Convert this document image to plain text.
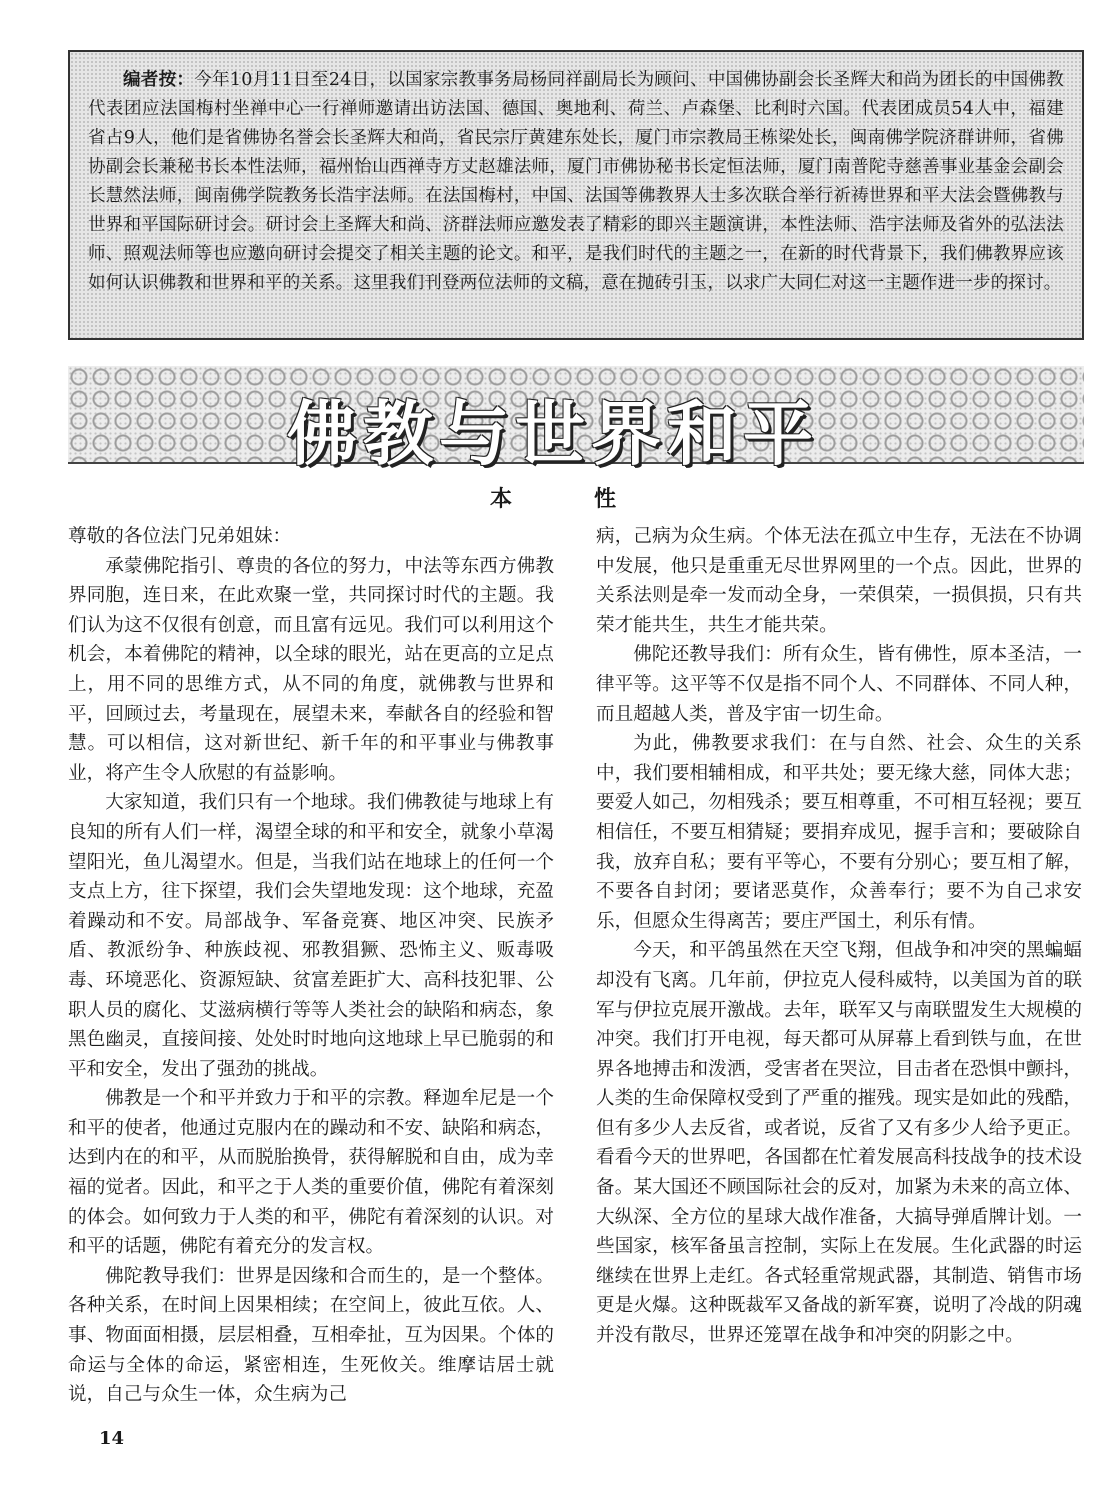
编者按：今年10月11日至24日，以国家宗教事务局杨同祥副局长为顾问、中国佛协副会长圣辉大和尚为团长的中国佛教代表团应法国梅村坐禅中心一行禅师邀请出访法国、德国、奥地利、荷兰、卢森堡、比利时六国。代表团成员54人中，福建省占9人，他们是省佛协名誉会长圣辉大和尚，省民宗厅黄建东处长，厦门市宗教局王栋梁处长，闽南佛学院济群讲师，省佛协副会长兼秘书长本性法师，福州怡山西禅寺方丈赵雄法师，厦门市佛协秘书长定恒法师，厦门南普陀寺慈善事业基金会副会长慧然法师，闽南佛学院教务长浩宇法师。在法国梅村，中国、法国等佛教界人士多次联合举行祈祷世界和平大法会暨佛教与世界和平国际研讨会。研讨会上圣辉大和尚、济群法师应邀发表了精彩的即兴主题演讲，本性法师、浩宇法师及省外的弘法法师、照观法师等也应邀向研讨会提交了相关主题的论文。和平，是我们时代的主题之一，在新的时代背景下，我们佛教界应该如何认识佛教和世界和平的关系。这里我们刊登两位法师的文稿，意在抛砖引玉，以求广大同仁对这一主题作进一步的探讨。
佛教与世界和平
本　性

尊敬的各位法门兄弟姐妹：

承蒙佛陀指引、尊贵的各位的努力，中法等东西方佛教界同胞，连日来，在此欢聚一堂，共同探讨时代的主题。我们认为这不仅很有创意，而且富有远见。我们可以利用这个机会，本着佛陀的精神，以全球的眼光，站在更高的立足点上，用不同的思维方式，从不同的角度，就佛教与世界和平，回顾过去，考量现在，展望未来，奉献各自的经验和智慧。可以相信，这对新世纪、新千年的和平事业与佛教事业，将产生令人欣慰的有益影响。

大家知道，我们只有一个地球。我们佛教徒与地球上有良知的所有人们一样，渴望全球的和平和安全，就象小草渴望阳光，鱼儿渴望水。但是，当我们站在地球上的任何一个支点上方，往下探望，我们会失望地发现：这个地球，充盈着躁动和不安。局部战争、军备竞赛、地区冲突、民族矛盾、教派纷争、种族歧视、邪教猖獗、恐怖主义、贩毒吸毒、环境恶化、资源短缺、贫富差距扩大、高科技犯罪、公职人员的腐化、艾滋病横行等等人类社会的缺陷和病态，象黑色幽灵，直接间接、处处时时地向这地球上早已脆弱的和平和安全，发出了强劲的挑战。

佛教是一个和平并致力于和平的宗教。释迦牟尼是一个和平的使者，他通过克服内在的躁动和不安、缺陷和病态，达到内在的和平，从而脱胎换骨，获得解脱和自由，成为幸福的觉者。因此，和平之于人类的重要价值，佛陀有着深刻的体会。如何致力于人类的和平，佛陀有着深刻的认识。对和平的话题，佛陀有着充分的发言权。

佛陀教导我们：世界是因缘和合而生的，是一个整体。各种关系，在时间上因果相续；在空间上，彼此互依。人、事、物面面相摄，层层相叠，互相牵扯，互为因果。个体的命运与全体的命运，紧密相连，生死攸关。维摩诘居士就说，自己与众生一体，众生病为己

病，己病为众生病。个体无法在孤立中生存，无法在不协调中发展，他只是重重无尽世界网里的一个点。因此，世界的关系法则是牵一发而动全身，一荣俱荣，一损俱损，只有共荣才能共生，共生才能共荣。

佛陀还教导我们：所有众生，皆有佛性，原本圣洁，一律平等。这平等不仅是指不同个人、不同群体、不同人种，而且超越人类，普及宇宙一切生命。

为此，佛教要求我们：在与自然、社会、众生的关系中，我们要相辅相成，和平共处；要无缘大慈，同体大悲；要爱人如己，勿相残杀；要互相尊重，不可相互轻视；要互相信任，不要互相猜疑；要捐弃成见，握手言和；要破除自我，放弃自私；要有平等心，不要有分别心；要互相了解，不要各自封闭；要诸恶莫作，众善奉行；要不为自己求安乐，但愿众生得离苦；要庄严国土，利乐有情。

今天，和平鸽虽然在天空飞翔，但战争和冲突的黑蝙蝠却没有飞离。几年前，伊拉克人侵科威特，以美国为首的联军与伊拉克展开激战。去年，联军又与南联盟发生大规模的冲突。我们打开电视，每天都可从屏幕上看到铁与血，在世界各地搏击和泼洒，受害者在哭泣，目击者在恐惧中颤抖，人类的生命保障权受到了严重的摧残。现实是如此的残酷，但有多少人去反省，或者说，反省了又有多少人给予更正。看看今天的世界吧，各国都在忙着发展高科技战争的技术设备。某大国还不顾国际社会的反对，加紧为未来的高立体、大纵深、全方位的星球大战作准备，大搞导弹盾牌计划。一些国家，核军备虽言控制，实际上在发展。生化武器的时运继续在世界上走红。各式轻重常规武器，其制造、销售市场更是火爆。这种既裁军又备战的新军赛，说明了冷战的阴魂并没有散尽，世界还笼罩在战争和冲突的阴影之中。

14
